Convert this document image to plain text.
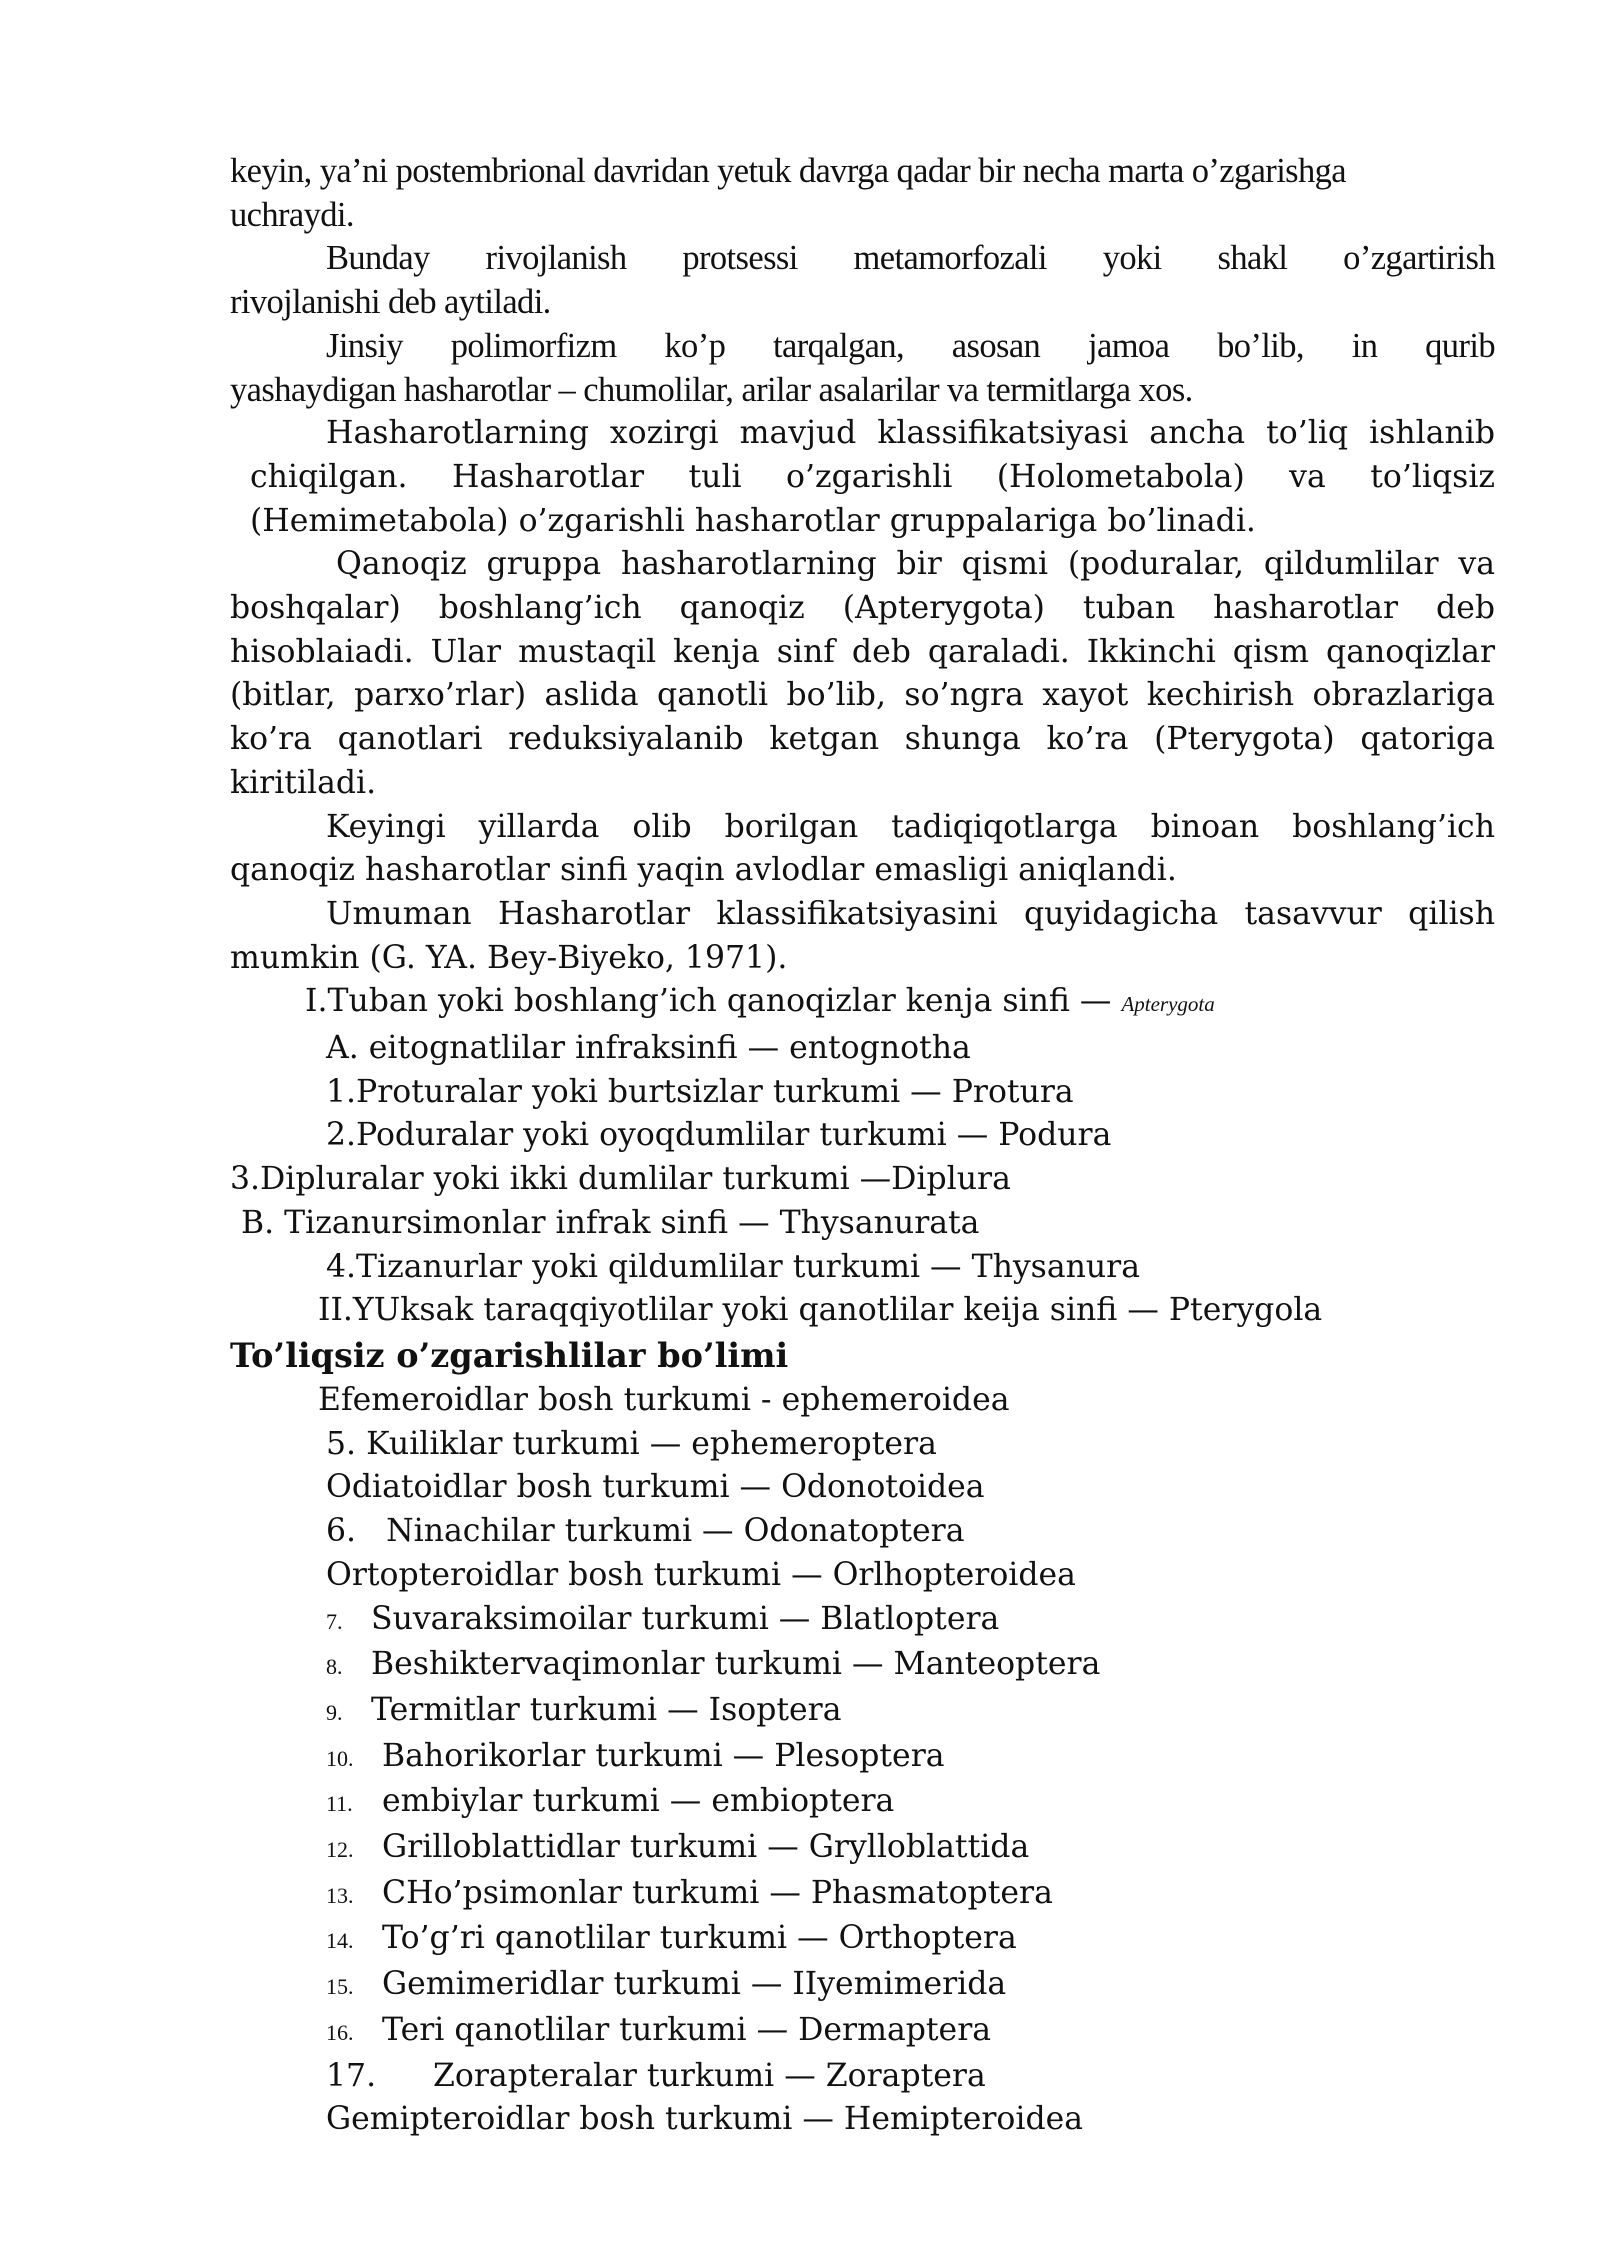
keyin, ya’ni postembrional davridan yetuk davrga qadar bir necha marta o’zgarishga
uchraydi.
Bunday rivojlanish protsessi metamorfozali yoki shakl o’zgartirish
rivojlanishi deb aytiladi.
Jinsiy polimorfizm ko’p tarqalgan, asosan jamoa bo’lib, in qurib
yashaydigan hasharotlar – chumolilar, arilar asalarilar va termitlarga xos.
Hasharotlarning xozirgi mavjud klassifikatsiyasi ancha to’liq ishlanib
chiqilgan. Hasharotlar tuli o’zgarishli (Holometabola) va to’liqsiz
(Hemimetabola) o’zgarishli hasharotlar gruppalariga bo’linadi.
Qanoqiz gruppa hasharotlarning bir qismi (poduralar, qildumlilar va
boshqalar) boshlang’ich qanoqiz (Apterygota) tuban hasharotlar deb
hisoblaiadi. Ular mustaqil kenja sinf deb qaraladi. Ikkinchi qism qanoqizlar
(bitlar, parxo’rlar) aslida qanotli bo’lib, so’ngra xayot kechirish obrazlariga
ko’ra qanotlari reduksiyalanib ketgan shunga ko’ra (Pterygota) qatoriga
kiritiladi.
Keyingi yillarda olib borilgan tadiqiqotlarga binoan boshlang’ich
qanoqiz hasharotlar sinfi yaqin avlodlar emasligi aniqlandi.
Umuman Hasharotlar klassifikatsiyasini quyidagicha tasavvur qilish
mumkin (G. YA. Bey-Biyeko, 1971).
I.Tuban yoki boshlang’ich qanoqizlar kenja sinfi — Apterygota
A. eitognatlilar infraksinfi — entognotha
1.Proturalar yoki burtsizlar turkumi — Protura
2.Poduralar yoki oyoqdumlilar turkumi — Podura
3.Dipluralar yoki ikki dumlilar turkumi —Diplura
B. Tizanursimonlar infrak sinfi — Thysanurata
4.Tizanurlar yoki qildumlilar turkumi — Thysanura
II.YUksak taraqqiyotlilar yoki qanotlilar keija sinfi — Pterygola
To’liqsiz o’zgarishlilar bo’limi
Efemeroidlar bosh turkumi - ephemeroidea
5. Kuiliklar turkumi — ephemeroptera
Odiatoidlar bosh turkumi — Odonotoidea
6.   Ninachilar turkumi — Odonatoptera
Ortopteroidlar bosh turkumi — Orlhopteroidea
7. Suvaraksimoilar turkumi — Blatloptera
8. Beshiktervaqimonlar turkumi — Manteoptera
9. Termitlar turkumi — Isoptera
10. Bahorikorlar turkumi — Plesoptera
11. embiylar turkumi — embioptera
12. Grilloblattidlar turkumi — Grylloblattida
13. CHo’psimonlar turkumi — Phasmatoptera
14. To’g’ri qanotlilar turkumi — Orthoptera
15. Gemimeridlar turkumi — IIyemimerida
16. Teri qanotlilar turkumi — Dermaptera
17. Zorapteralar turkumi — Zoraptera
Gemipteroidlar bosh turkumi — Hemipteroidea
